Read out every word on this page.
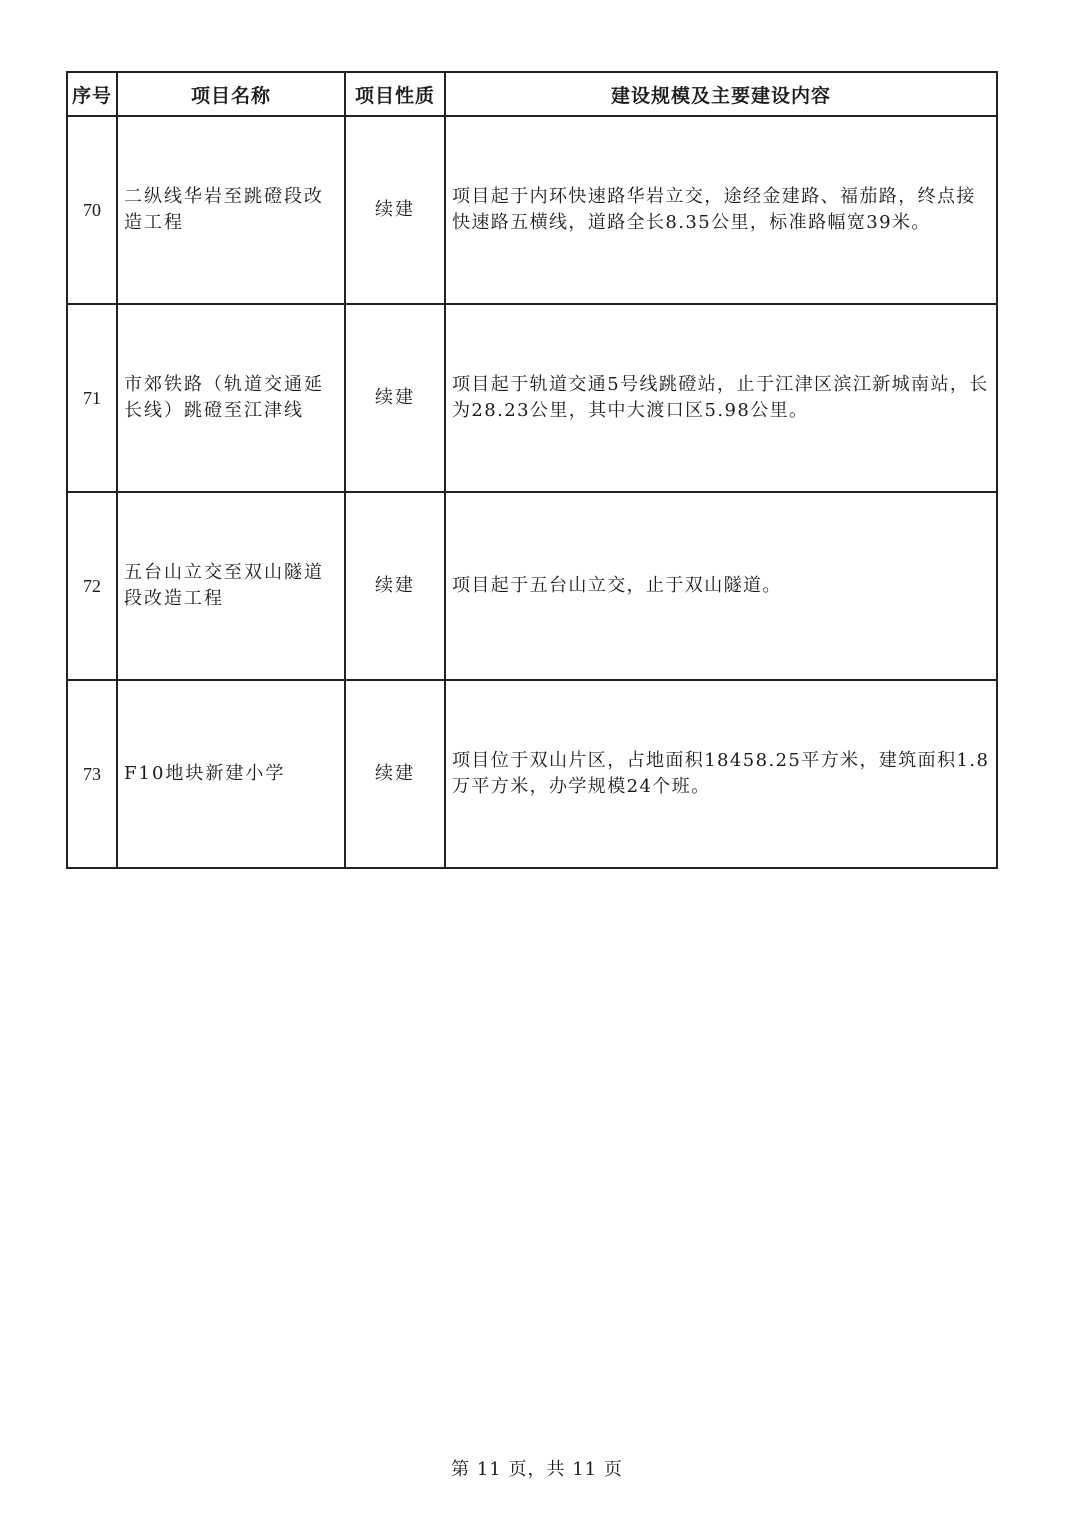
序号	项目名称	项目性质	建设规模及主要建设内容
70	二纵线华岩至跳磴段改造工程	续建	项目起于内环快速路华岩立交，途经金建路、福茄路，终点接快速路五横线，道路全长8.35公里，标准路幅宽39米。
71	市郊铁路（轨道交通延长线）跳磴至江津线	续建	项目起于轨道交通5号线跳磴站，止于江津区滨江新城南站，长为28.23公里，其中大渡口区5.98公里。
72	五台山立交至双山隧道段改造工程	续建	项目起于五台山立交，止于双山隧道。
73	F10地块新建小学	续建	项目位于双山片区，占地面积18458.25平方米，建筑面积1.8万平方米，办学规模24个班。
第 11 页，共 11 页
